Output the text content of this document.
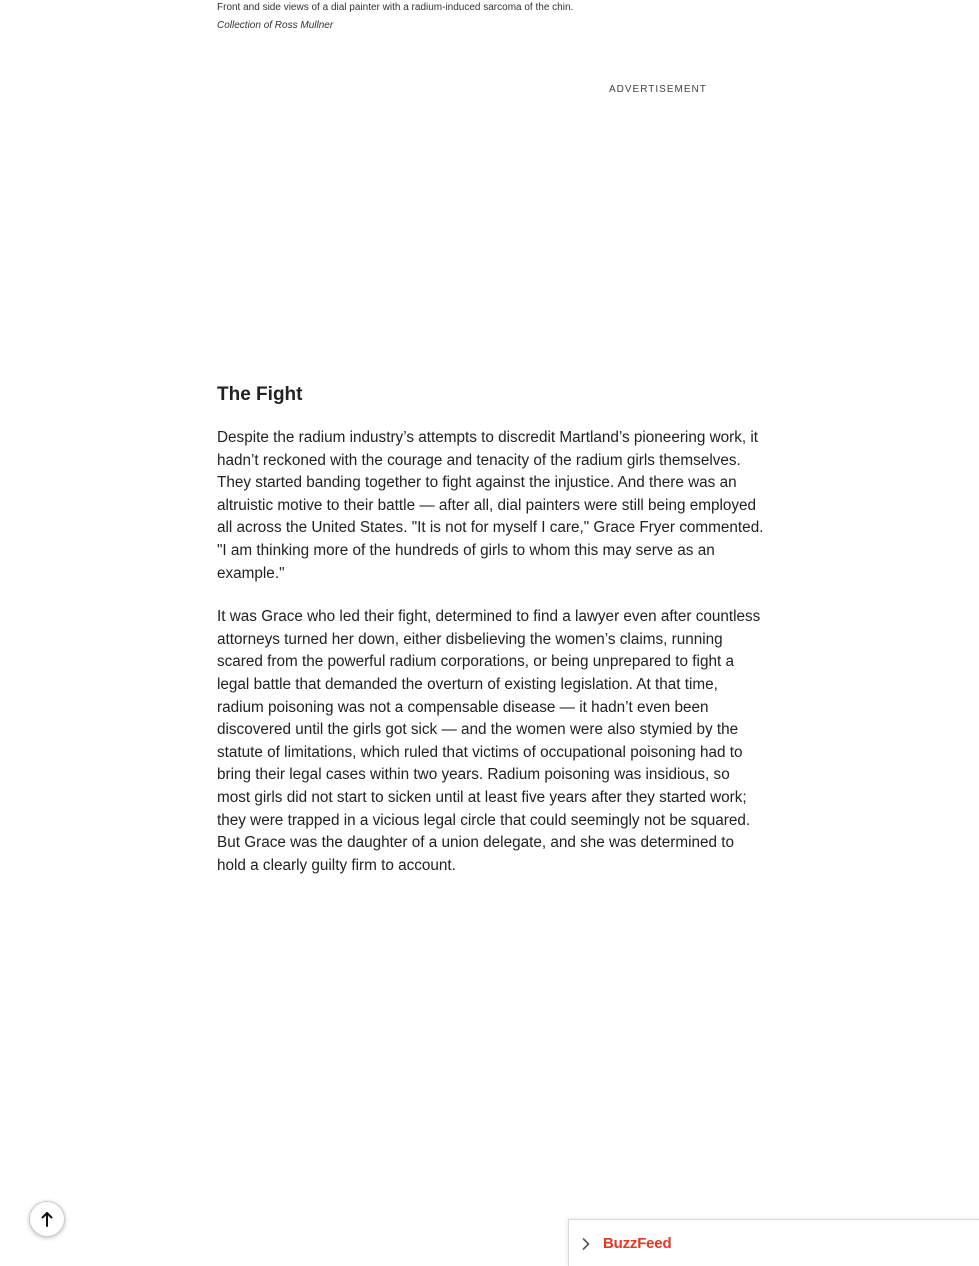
Front and side views of a dial painter with a radium-induced sarcoma of the chin.

Collection of Ross Mullner

ADVERTISEMENT
The Fight

Despite the radium industry’s attempts to discredit Martland’s pioneering work, it hadn’t reckoned with the courage and tenacity of the radium girls themselves. They started banding together to fight against the injustice. And there was an altruistic motive to their battle — after all, dial painters were still being employed all across the United States. "It is not for myself I care," Grace Fryer commented. "I am thinking more of the hundreds of girls to whom this may serve as an example."

It was Grace who led their fight, determined to find a lawyer even after countless attorneys turned her down, either disbelieving the women’s claims, running scared from the powerful radium corporations, or being unprepared to fight a legal battle that demanded the overturn of existing legislation. At that time, radium poisoning was not a compensable disease — it hadn’t even been discovered until the girls got sick — and the women were also stymied by the statute of limitations, which ruled that victims of occupational poisoning had to bring their legal cases within two years. Radium poisoning was insidious, so most girls did not start to sicken until at least five years after they started work; they were trapped in a vicious legal circle that could seemingly not be squared. But Grace was the daughter of a union delegate, and she was determined to hold a clearly guilty firm to account.

BuzzFeed
